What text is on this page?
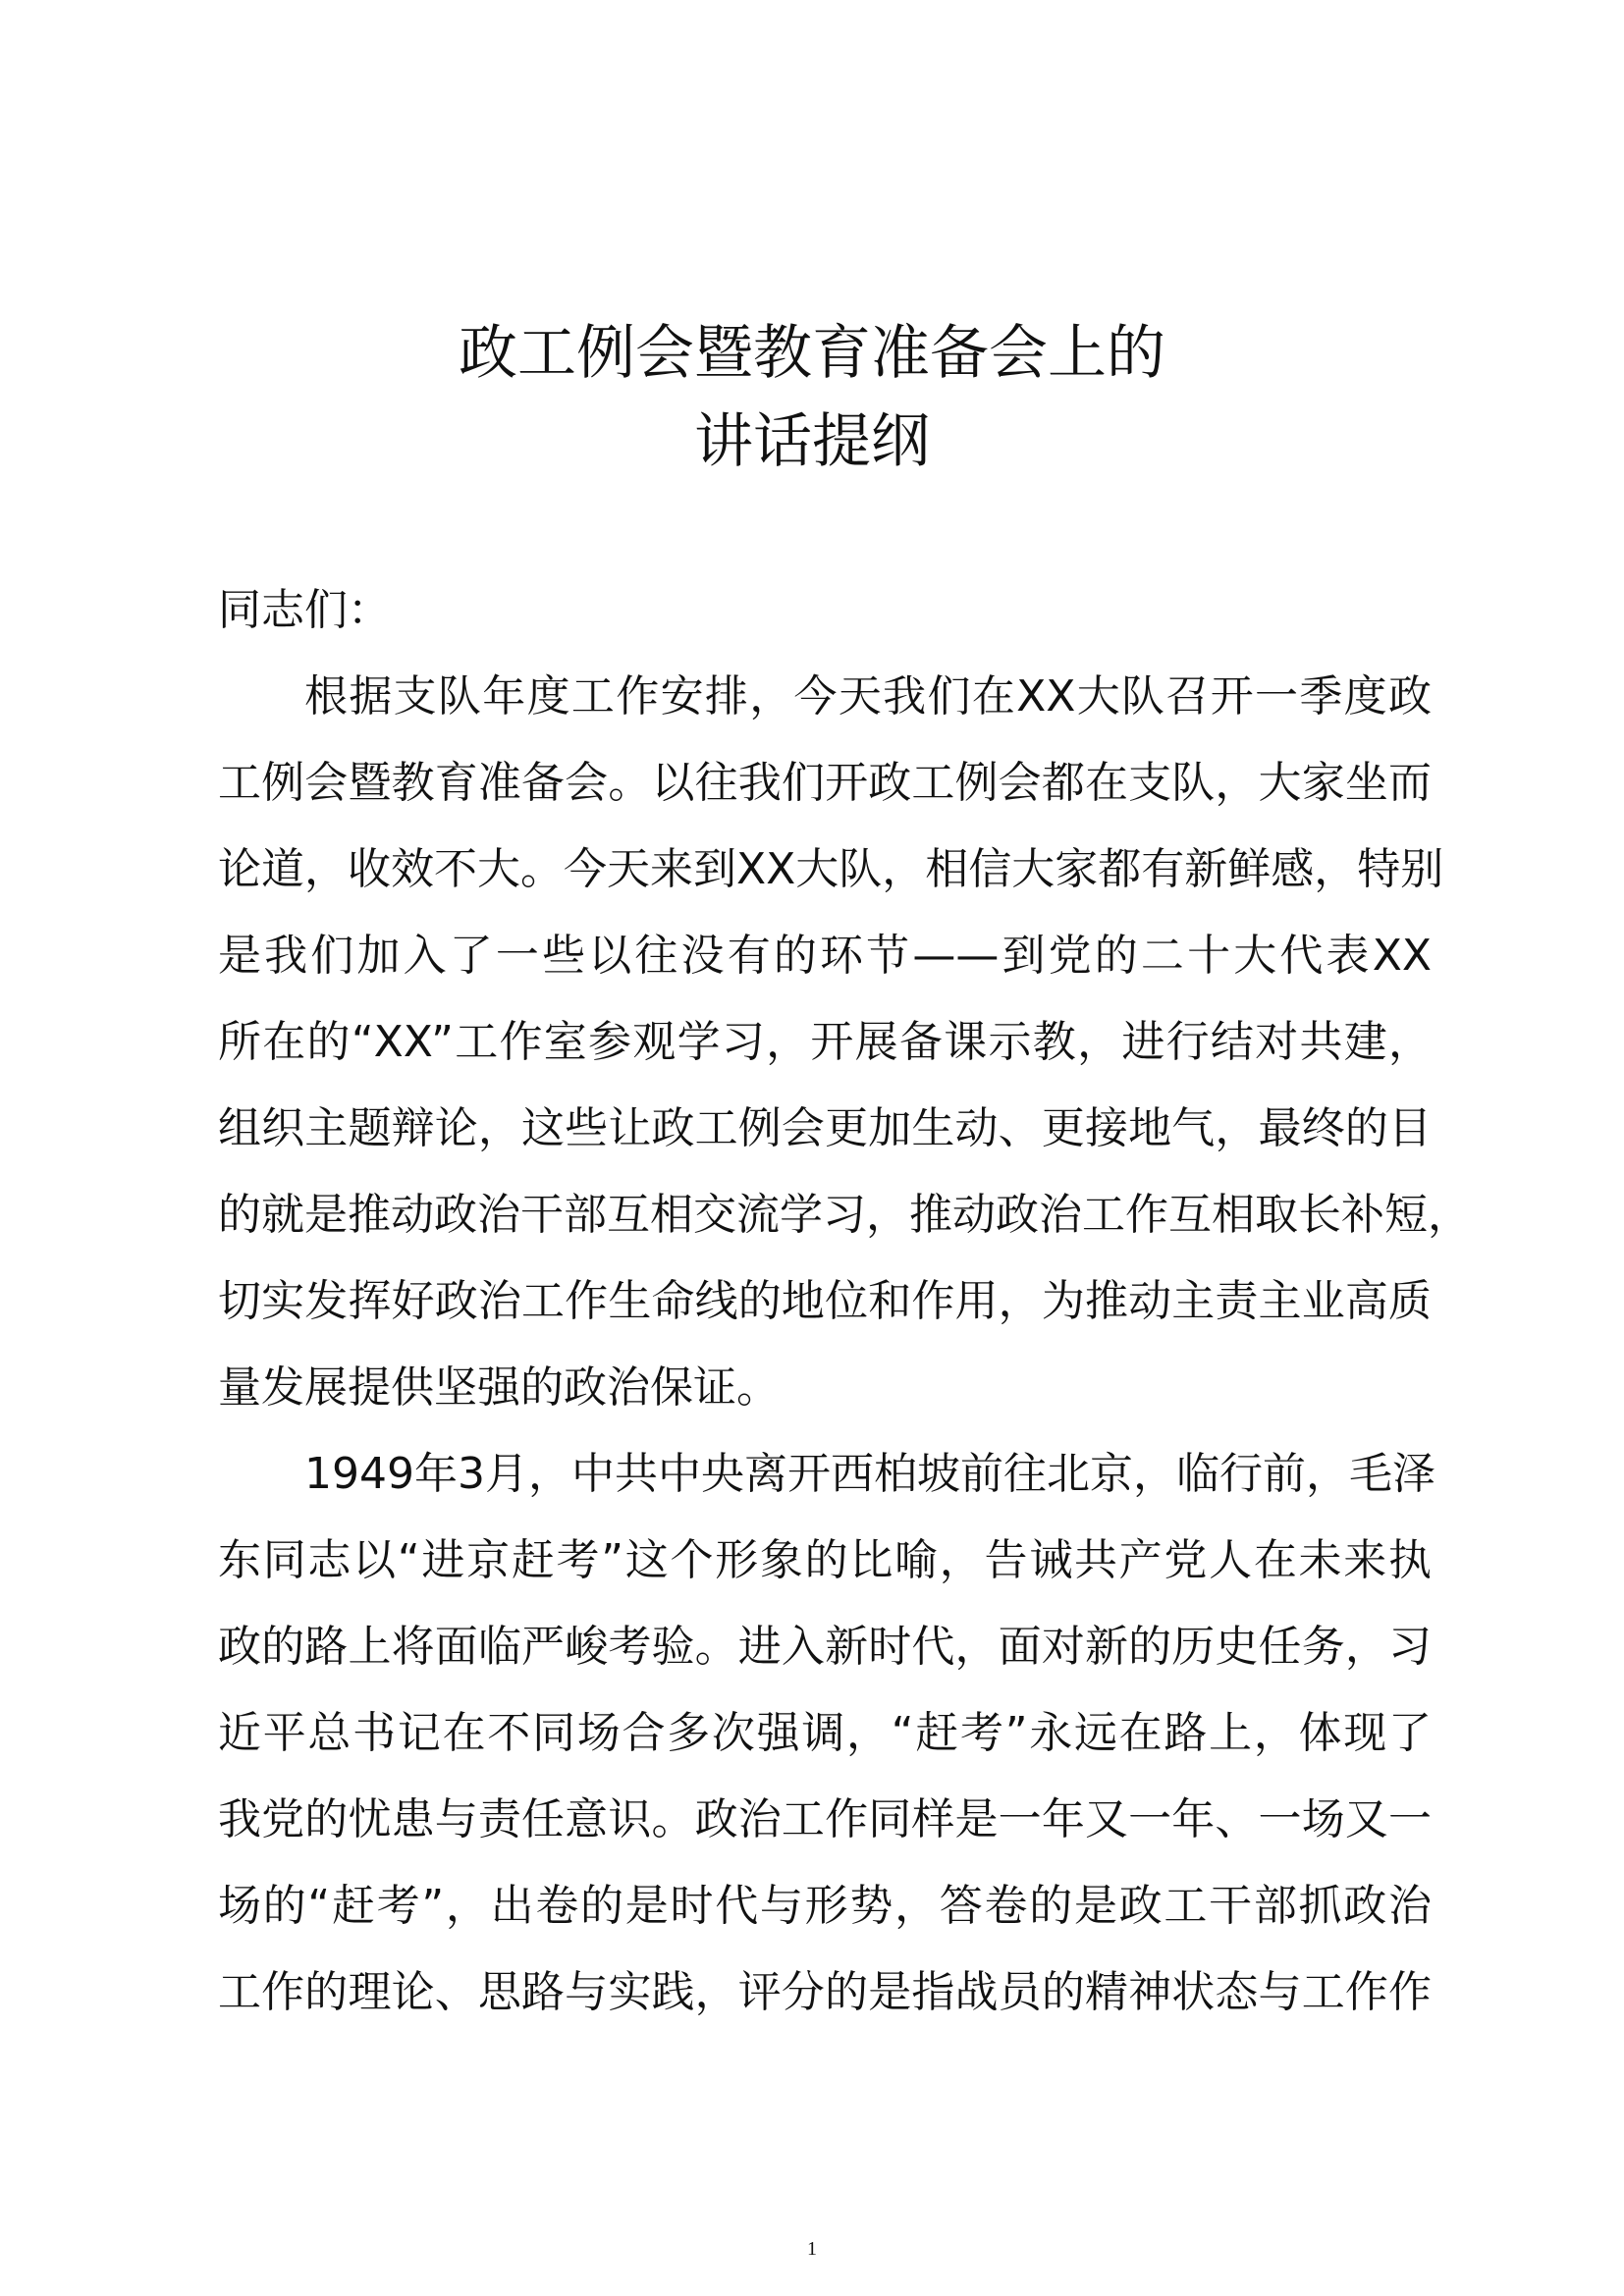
政工例会暨教育准备会上的
讲话提纲
同志们：
根据支队年度工作安排，今天我们在XX大队召开一季度政
工例会暨教育准备会。以往我们开政工例会都在支队，大家坐而
论道，收效不大。今天来到XX大队，相信大家都有新鲜感，特别
是我们加入了一些以往没有的环节——到党的二十大代表XX
所在的“XX”工作室参观学习，开展备课示教，进行结对共建，
组织主题辩论，这些让政工例会更加生动、更接地气，最终的目
的就是推动政治干部互相交流学习，推动政治工作互相取长补短，
切实发挥好政治工作生命线的地位和作用，为推动主责主业高质
量发展提供坚强的政治保证。
1949年3月，中共中央离开西柏坡前往北京，临行前，毛泽
东同志以“进京赶考”这个形象的比喻，告诫共产党人在未来执
政的路上将面临严峻考验。进入新时代，面对新的历史任务，习
近平总书记在不同场合多次强调，“赶考”永远在路上，体现了
我党的忧患与责任意识。政治工作同样是一年又一年、一场又一
场的“赶考”，出卷的是时代与形势，答卷的是政工干部抓政治
工作的理论、思路与实践，评分的是指战员的精神状态与工作作
1
